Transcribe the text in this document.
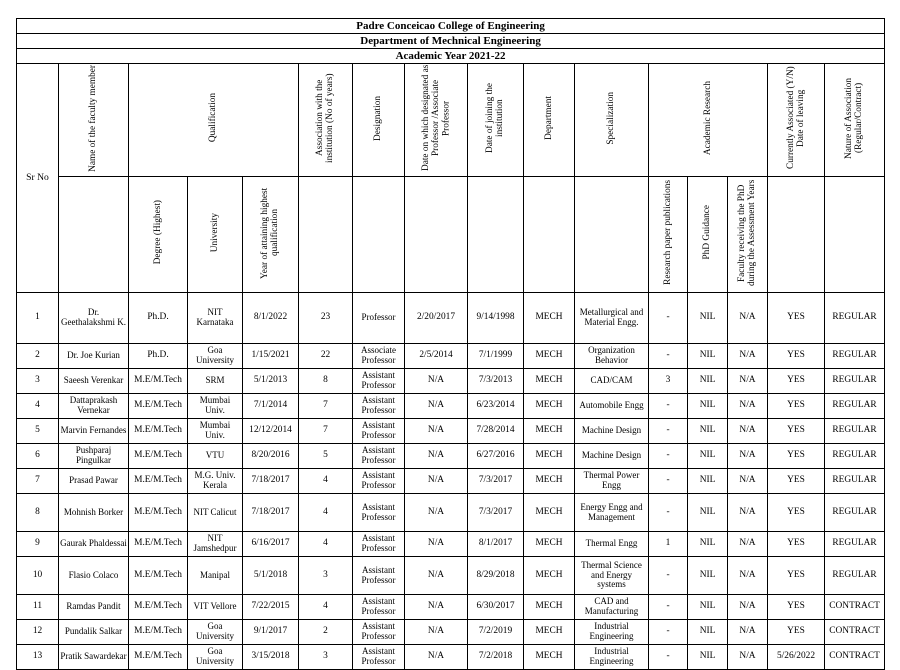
Padre Conceicao College of Engineering															
Department of Mechnical Engineering															
Academic Year 2021-22															
Sr No	Name of the faculty member	Qualification			Association with the institution (No of years)	Designation	Date on which designated as Professor /Associate Professor	Date of joining the institution	Department	Specialization	Academic Research			Currently Associated (Y/N) Date of leaving	Nature of Association (Regular/Contract)
		Degree (Highest)	University	Year of attaining highest qualification							Research paper publications	PhD Guidance	Faculty receiving the PhD during the Assessment Years		
1	Dr. Geethalakshmi K.	Ph.D.	NIT Karnataka	8/1/2022	23	Professor	2/20/2017	9/14/1998	MECH	Metallurgical and Material Engg.	-	NIL	N/A	YES	REGULAR
2	Dr. Joe Kurian	Ph.D.	Goa University	1/15/2021	22	Associate Professor	2/5/2014	7/1/1999	MECH	Organization Behavior	-	NIL	N/A	YES	REGULAR
3	Saeesh Verenkar	M.E/M.Tech	SRM	5/1/2013	8	Assistant Professor	N/A	7/3/2013	MECH	CAD/CAM	3	NIL	N/A	YES	REGULAR
4	Dattaprakash Vernekar	M.E/M.Tech	Mumbai Univ.	7/1/2014	7	Assistant Professor	N/A	6/23/2014	MECH	Automobile Engg	-	NIL	N/A	YES	REGULAR
5	Marvin Fernandes	M.E/M.Tech	Mumbai Univ.	12/12/2014	7	Assistant Professor	N/A	7/28/2014	MECH	Machine Design	-	NIL	N/A	YES	REGULAR
6	Pushparaj Pingulkar	M.E/M.Tech	VTU	8/20/2016	5	Assistant Professor	N/A	6/27/2016	MECH	Machine Design	-	NIL	N/A	YES	REGULAR
7	Prasad Pawar	M.E/M.Tech	M.G. Univ. Kerala	7/18/2017	4	Assistant Professor	N/A	7/3/2017	MECH	Thermal Power Engg	-	NIL	N/A	YES	REGULAR
8	Mohnish Borker	M.E/M.Tech	NIT Calicut	7/18/2017	4	Assistant Professor	N/A	7/3/2017	MECH	Energy Engg and Management	-	NIL	N/A	YES	REGULAR
9	Gaurak Phaldessai	M.E/M.Tech	NIT Jamshedpur	6/16/2017	4	Assistant Professor	N/A	8/1/2017	MECH	Thermal Engg	1	NIL	N/A	YES	REGULAR
10	Flasio Colaco	M.E/M.Tech	Manipal	5/1/2018	3	Assistant Professor	N/A	8/29/2018	MECH	Thermal Science and Energy systems	-	NIL	N/A	YES	REGULAR
11	Ramdas Pandit	M.E/M.Tech	VIT Vellore	7/22/2015	4	Assistant Professor	N/A	6/30/2017	MECH	CAD and Manufacturing	-	NIL	N/A	YES	CONTRACT
12	Pundalik Salkar	M.E/M.Tech	Goa University	9/1/2017	2	Assistant Professor	N/A	7/2/2019	MECH	Industrial Engineering	-	NIL	N/A	YES	CONTRACT
13	Pratik Sawardekar	M.E/M.Tech	Goa University	3/15/2018	3	Assistant Professor	N/A	7/2/2018	MECH	Industrial Engineering	-	NIL	N/A	5/26/2022	CONTRACT
